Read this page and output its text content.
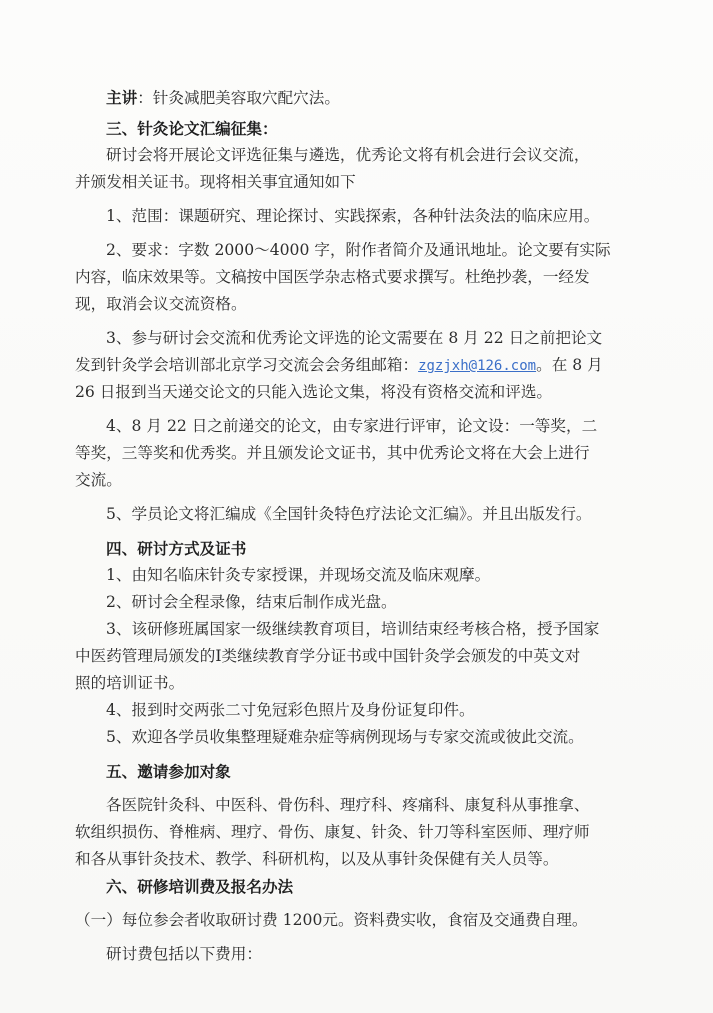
主讲：针灸减肥美容取穴配穴法。
三、针灸论文汇编征集：
研讨会将开展论文评选征集与遴选，优秀论文将有机会进行会议交流，
并颁发相关证书。现将相关事宜通知如下
1、范围：课题研究、理论探讨、实践探索，各种针法灸法的临床应用。
2、要求：字数 2000～4000 字，附作者简介及通讯地址。论文要有实际
内容，临床效果等。文稿按中国医学杂志格式要求撰写。杜绝抄袭，一经发
现，取消会议交流资格。
3、参与研讨会交流和优秀论文评选的论文需要在 8 月 22 日之前把论文
发到针灸学会培训部北京学习交流会会务组邮箱：zgzjxh@126.com。在 8 月
26 日报到当天递交论文的只能入选论文集，将没有资格交流和评选。
4、8 月 22 日之前递交的论文，由专家进行评审，论文设：一等奖，二
等奖，三等奖和优秀奖。并且颁发论文证书，其中优秀论文将在大会上进行
交流。
5、学员论文将汇编成《全国针灸特色疗法论文汇编》。并且出版发行。
四、研讨方式及证书
1、由知名临床针灸专家授课，并现场交流及临床观摩。
2、研讨会全程录像，结束后制作成光盘。
3、该研修班属国家一级继续教育项目，培训结束经考核合格，授予国家
中医药管理局颁发的I类继续教育学分证书或中国针灸学会颁发的中英文对
照的培训证书。
4、报到时交两张二寸免冠彩色照片及身份证复印件。
5、欢迎各学员收集整理疑难杂症等病例现场与专家交流或彼此交流。
五、邀请参加对象
各医院针灸科、中医科、骨伤科、理疗科、疼痛科、康复科从事推拿、
软组织损伤、脊椎病、理疗、骨伤、康复、针灸、针刀等科室医师、理疗师
和各从事针灸技术、教学、科研机构，以及从事针灸保健有关人员等。
六、研修培训费及报名办法
（一）每位参会者收取研讨费 1200元。资料费实收，食宿及交通费自理。
研讨费包括以下费用：
